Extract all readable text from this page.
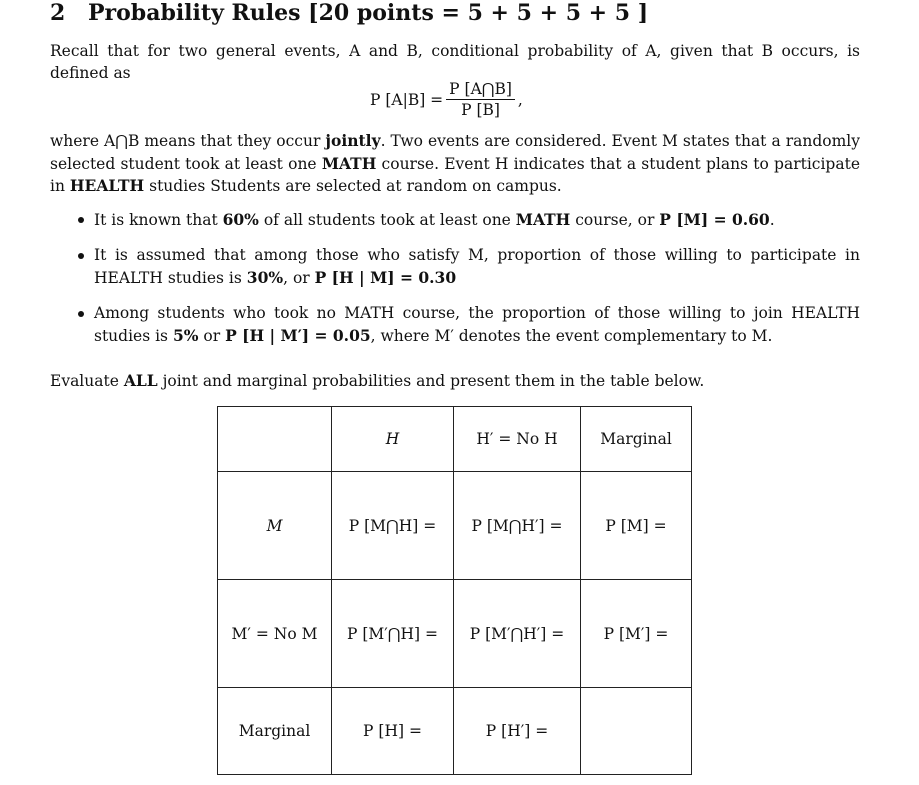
2 Probability Rules [20 points = 5 + 5 + 5 + 5 ]

Recall that for two general events, A and B, conditional probability of A, given that B occurs, is defined as

P $[A|B] = \frac{P [A⋂B]}{P [B]}$ ,

where A⋂B means that they occur jointly. Two events are considered. Event M states that a randomly selected student took at least one MATH course. Event H indicates that a student plans to participate in HEALTH studies Students are selected at random on campus.

It is known that 60% of all students took at least one MATH course, or P [M] = 0.60.
It is assumed that among those who satisfy M, proportion of those willing to participate in HEALTH studies is 30%, or P [H | M] = 0.30
Among students who took no MATH course, the proportion of those willing to join HEALTH studies is 5% or P [H | M′] = 0.05, where M′ denotes the event complementary to M.

Evaluate ALL joint and marginal probabilities and present them in the table below.

	H	H′ = No H	Marginal
M	P [M⋂H] =	P [M⋂H′] =	P [M] =
M′ = No M	P [M′⋂H] =	P [M′⋂H′] =	P [M′] =
Marginal	P [H] =	P [H′] =	
